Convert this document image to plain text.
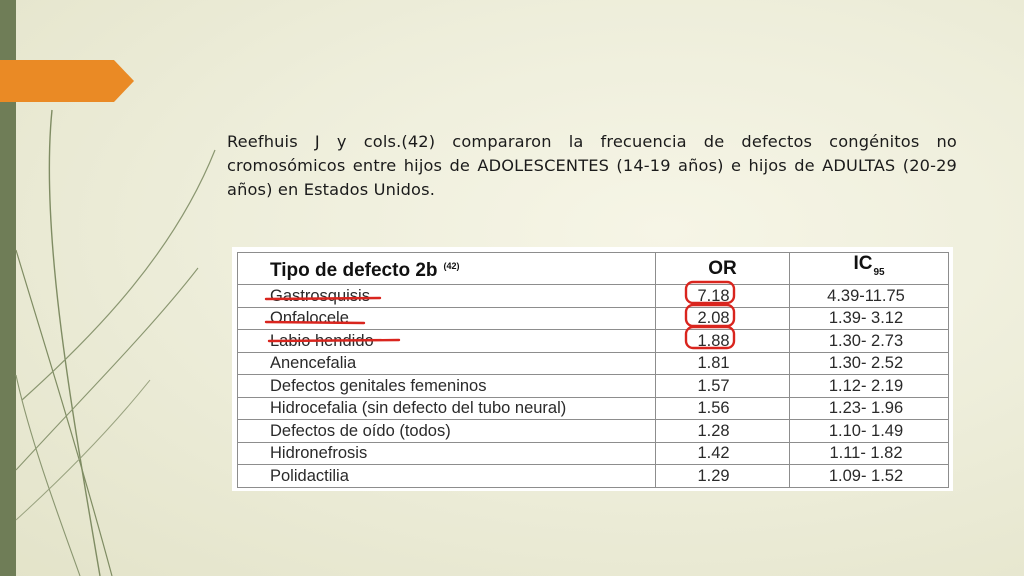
Reefhuis J y cols.(42) compararon la frecuencia de defectos congénitos no cromosómicos entre hijos de ADOLESCENTES (14-19 años) e hijos de ADULTAS (20-29 años) en Estados Unidos.

Tipo de defecto 2b $^{(42)}$	OR	$IC_{95}$
Gastrosquisis	7.18	4.39-11.75
Onfalocele	2.08	1.39- 3.12
Labio hendido	1.88	1.30- 2.73
Anencefalia	1.81	1.30- 2.52
Defectos genitales femeninos	1.57	1.12- 2.19
Hidrocefalia (sin defecto del tubo neural)	1.56	1.23- 1.96
Defectos de oído (todos)	1.28	1.10- 1.49
Hidronefrosis	1.42	1.11- 1.82
Polidactilia	1.29	1.09- 1.52
